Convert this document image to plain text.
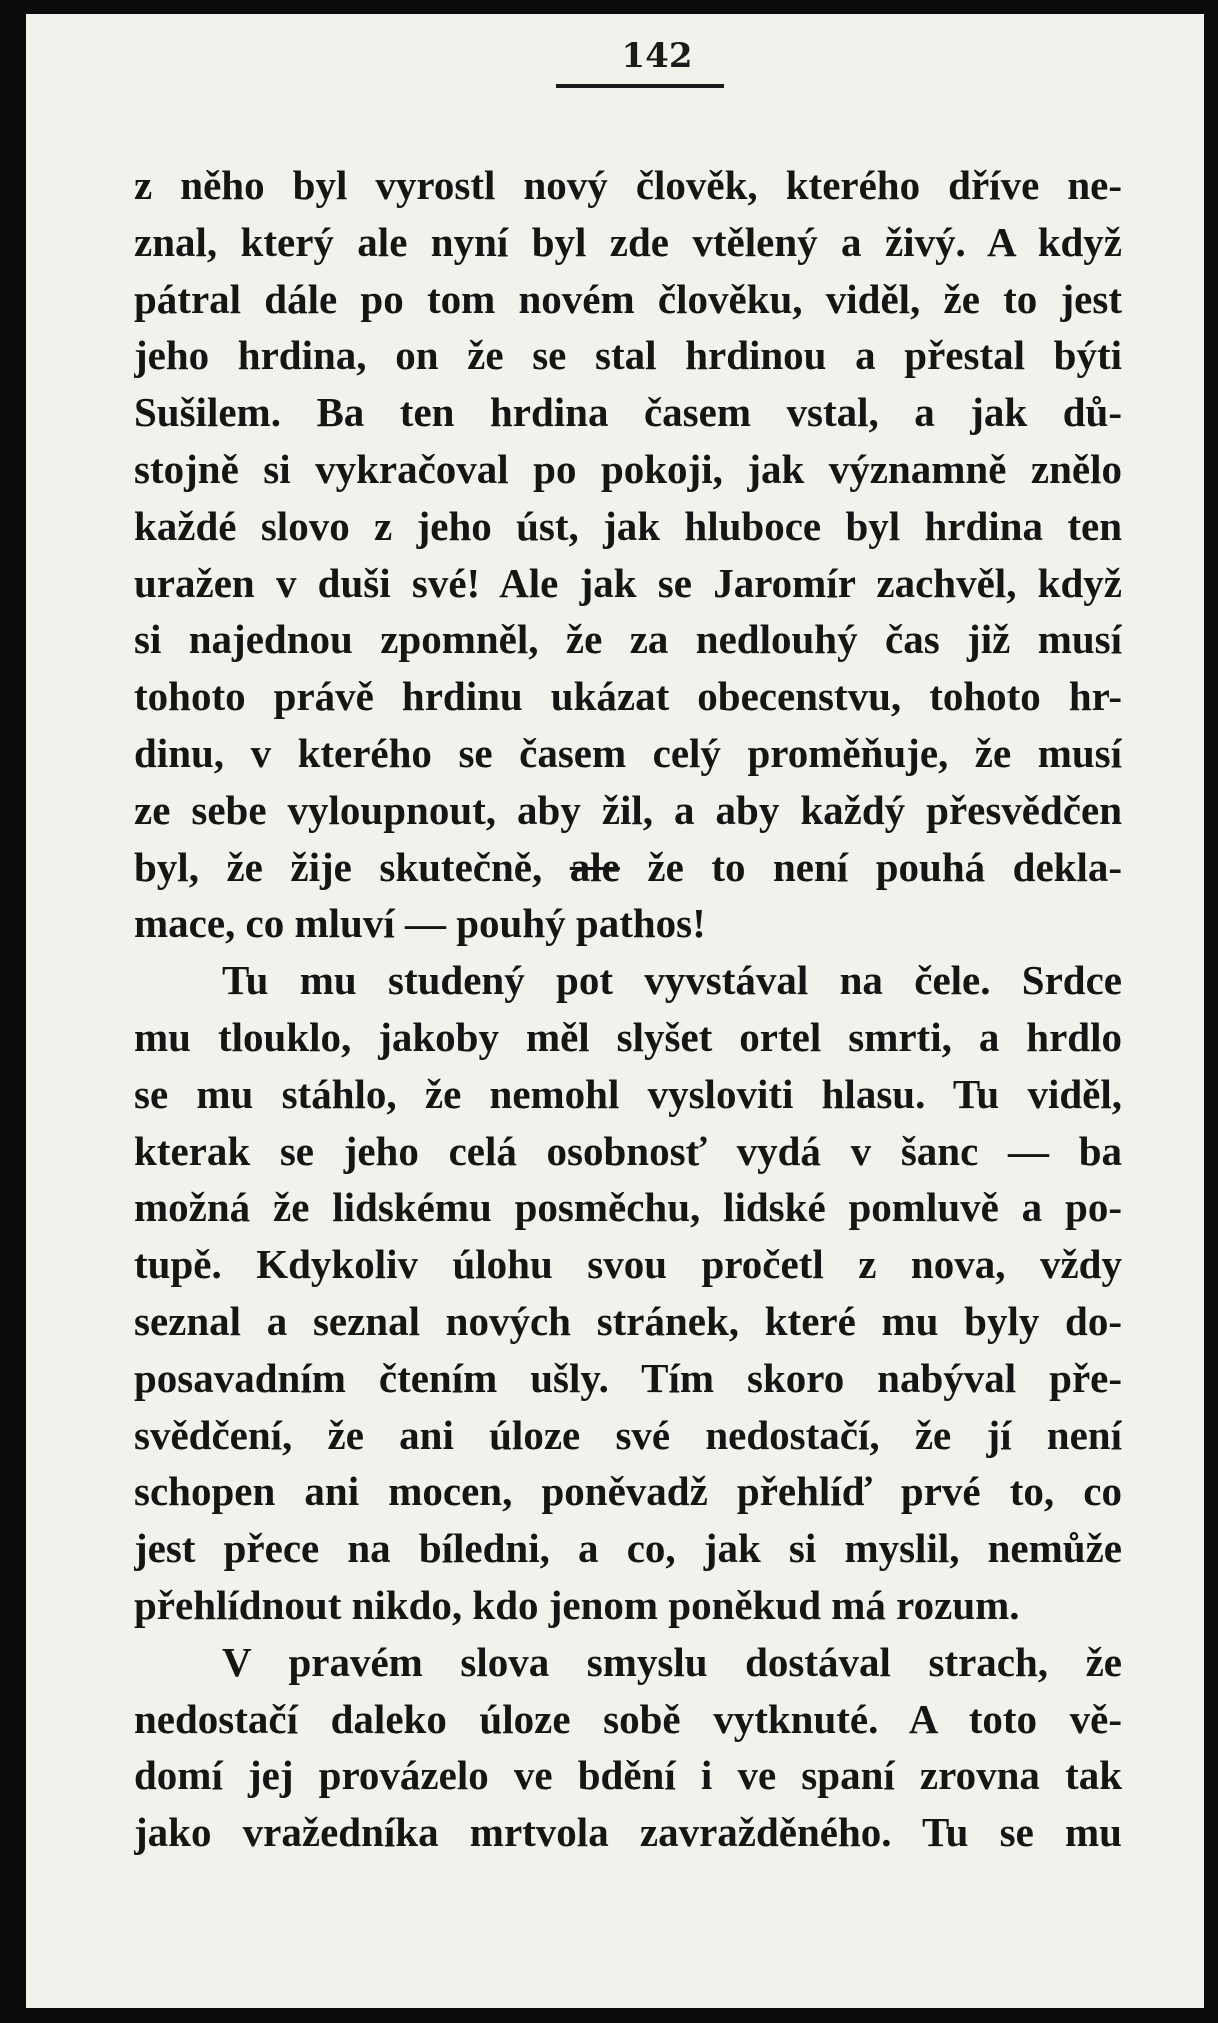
142
z něho byl vyrostl nový člověk, kterého dříve ne-
znal, který ale nyní byl zde vtělený a živý. A když
pátral dále po tom novém člověku, viděl, že to jest
jeho hrdina, on že se stal hrdinou a přestal býti
Sušilem. Ba ten hrdina časem vstal, a jak dů-
stojně si vykračoval po pokoji, jak významně znělo
každé slovo z jeho úst, jak hluboce byl hrdina ten
uražen v duši své! Ale jak se Jaromír zachvěl, když
si najednou zpomněl, že za nedlouhý čas již musí
tohoto právě hrdinu ukázat obecenstvu, tohoto hr-
dinu, v kterého se časem celý proměňuje, že musí
ze sebe vyloupnout, aby žil, a aby každý přesvědčen
byl, že žije skutečně, ale že to není pouhá dekla-
mace, co mluví — pouhý pathos!
Tu mu studený pot vyvstával na čele. Srdce
mu tlouklo, jakoby měl slyšet ortel smrti, a hrdlo
se mu stáhlo, že nemohl vysloviti hlasu. Tu viděl,
kterak se jeho celá osobnosť vydá v šanc — ba
možná že lidskému posměchu, lidské pomluvě a po-
tupě. Kdykoliv úlohu svou pročetl z nova, vždy
seznal a seznal nových stránek, které mu byly do-
posavadním čtením ušly. Tím skoro nabýval pře-
svědčení, že ani úloze své nedostačí, že jí není
schopen ani mocen, poněvadž přehlíď prvé to, co
jest přece na bíledni, a co, jak si myslil, nemůže
přehlídnout nikdo, kdo jenom poněkud má rozum.
V pravém slova smyslu dostával strach, že
nedostačí daleko úloze sobě vytknuté. A toto vě-
domí jej provázelo ve bdění i ve spaní zrovna tak
jako vražedníka mrtvola zavražděného. Tu se mu
